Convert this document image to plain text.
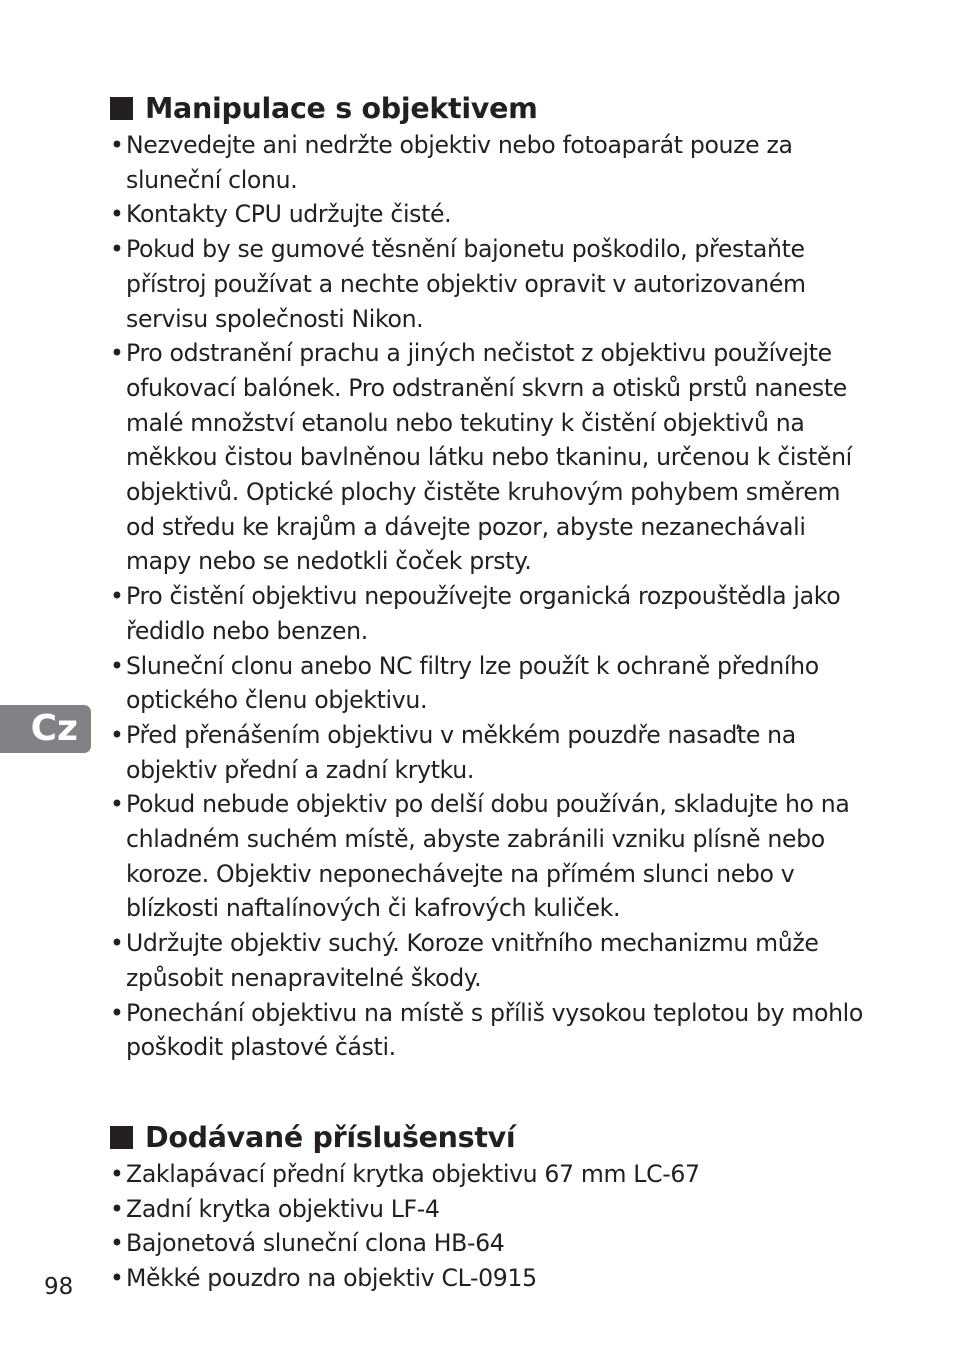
Manipulace s objektivem
• Nezvedejte ani nedržte objektiv nebo fotoaparát pouze za sluneční clonu.
• Kontakty CPU udržujte čisté.
• Pokud by se gumové těsnění bajonetu poškodilo, přestaňte přístroj používat a nechte objektiv opravit v autorizovaném servisu společnosti Nikon.
• Pro odstranění prachu a jiných nečistot z objektivu používejte ofukovací balónek. Pro odstranění skvrn a otisků prstů naneste malé množství etanolu nebo tekutiny k čistění objektivů na měkkou čistou bavlněnou látku nebo tkaninu, určenou k čistění objektivů. Optické plochy čistěte kruhovým pohybem směrem od středu ke krajům a dávejte pozor, abyste nezanechávali mapy nebo se nedotkli čoček prsty.
• Pro čistění objektivu nepoužívejte organická rozpouštědla jako ředidlo nebo benzen.
• Sluneční clonu anebo NC filtry lze použít k ochraně předního optického členu objektivu.
• Před přenášením objektivu v měkkém pouzdře nasaďte na objektiv přední a zadní krytku.
• Pokud nebude objektiv po delší dobu používán, skladujte ho na chladném suchém místě, abyste zabránili vzniku plísně nebo koroze. Objektiv neponechávejte na přímém slunci nebo v blízkosti naftalínových či kafrových kuliček.
• Udržujte objektiv suchý. Koroze vnitřního mechanizmu může způsobit nenapravitelné škody.
• Ponechání objektivu na místě s příliš vysokou teplotou by mohlo poškodit plastové části.
Dodávané příslušenství
• Zaklapávací přední krytka objektivu 67 mm LC-67
• Zadní krytka objektivu LF-4
• Bajonetová sluneční clona HB-64
• Měkké pouzdro na objektiv CL-0915
Cz
98
